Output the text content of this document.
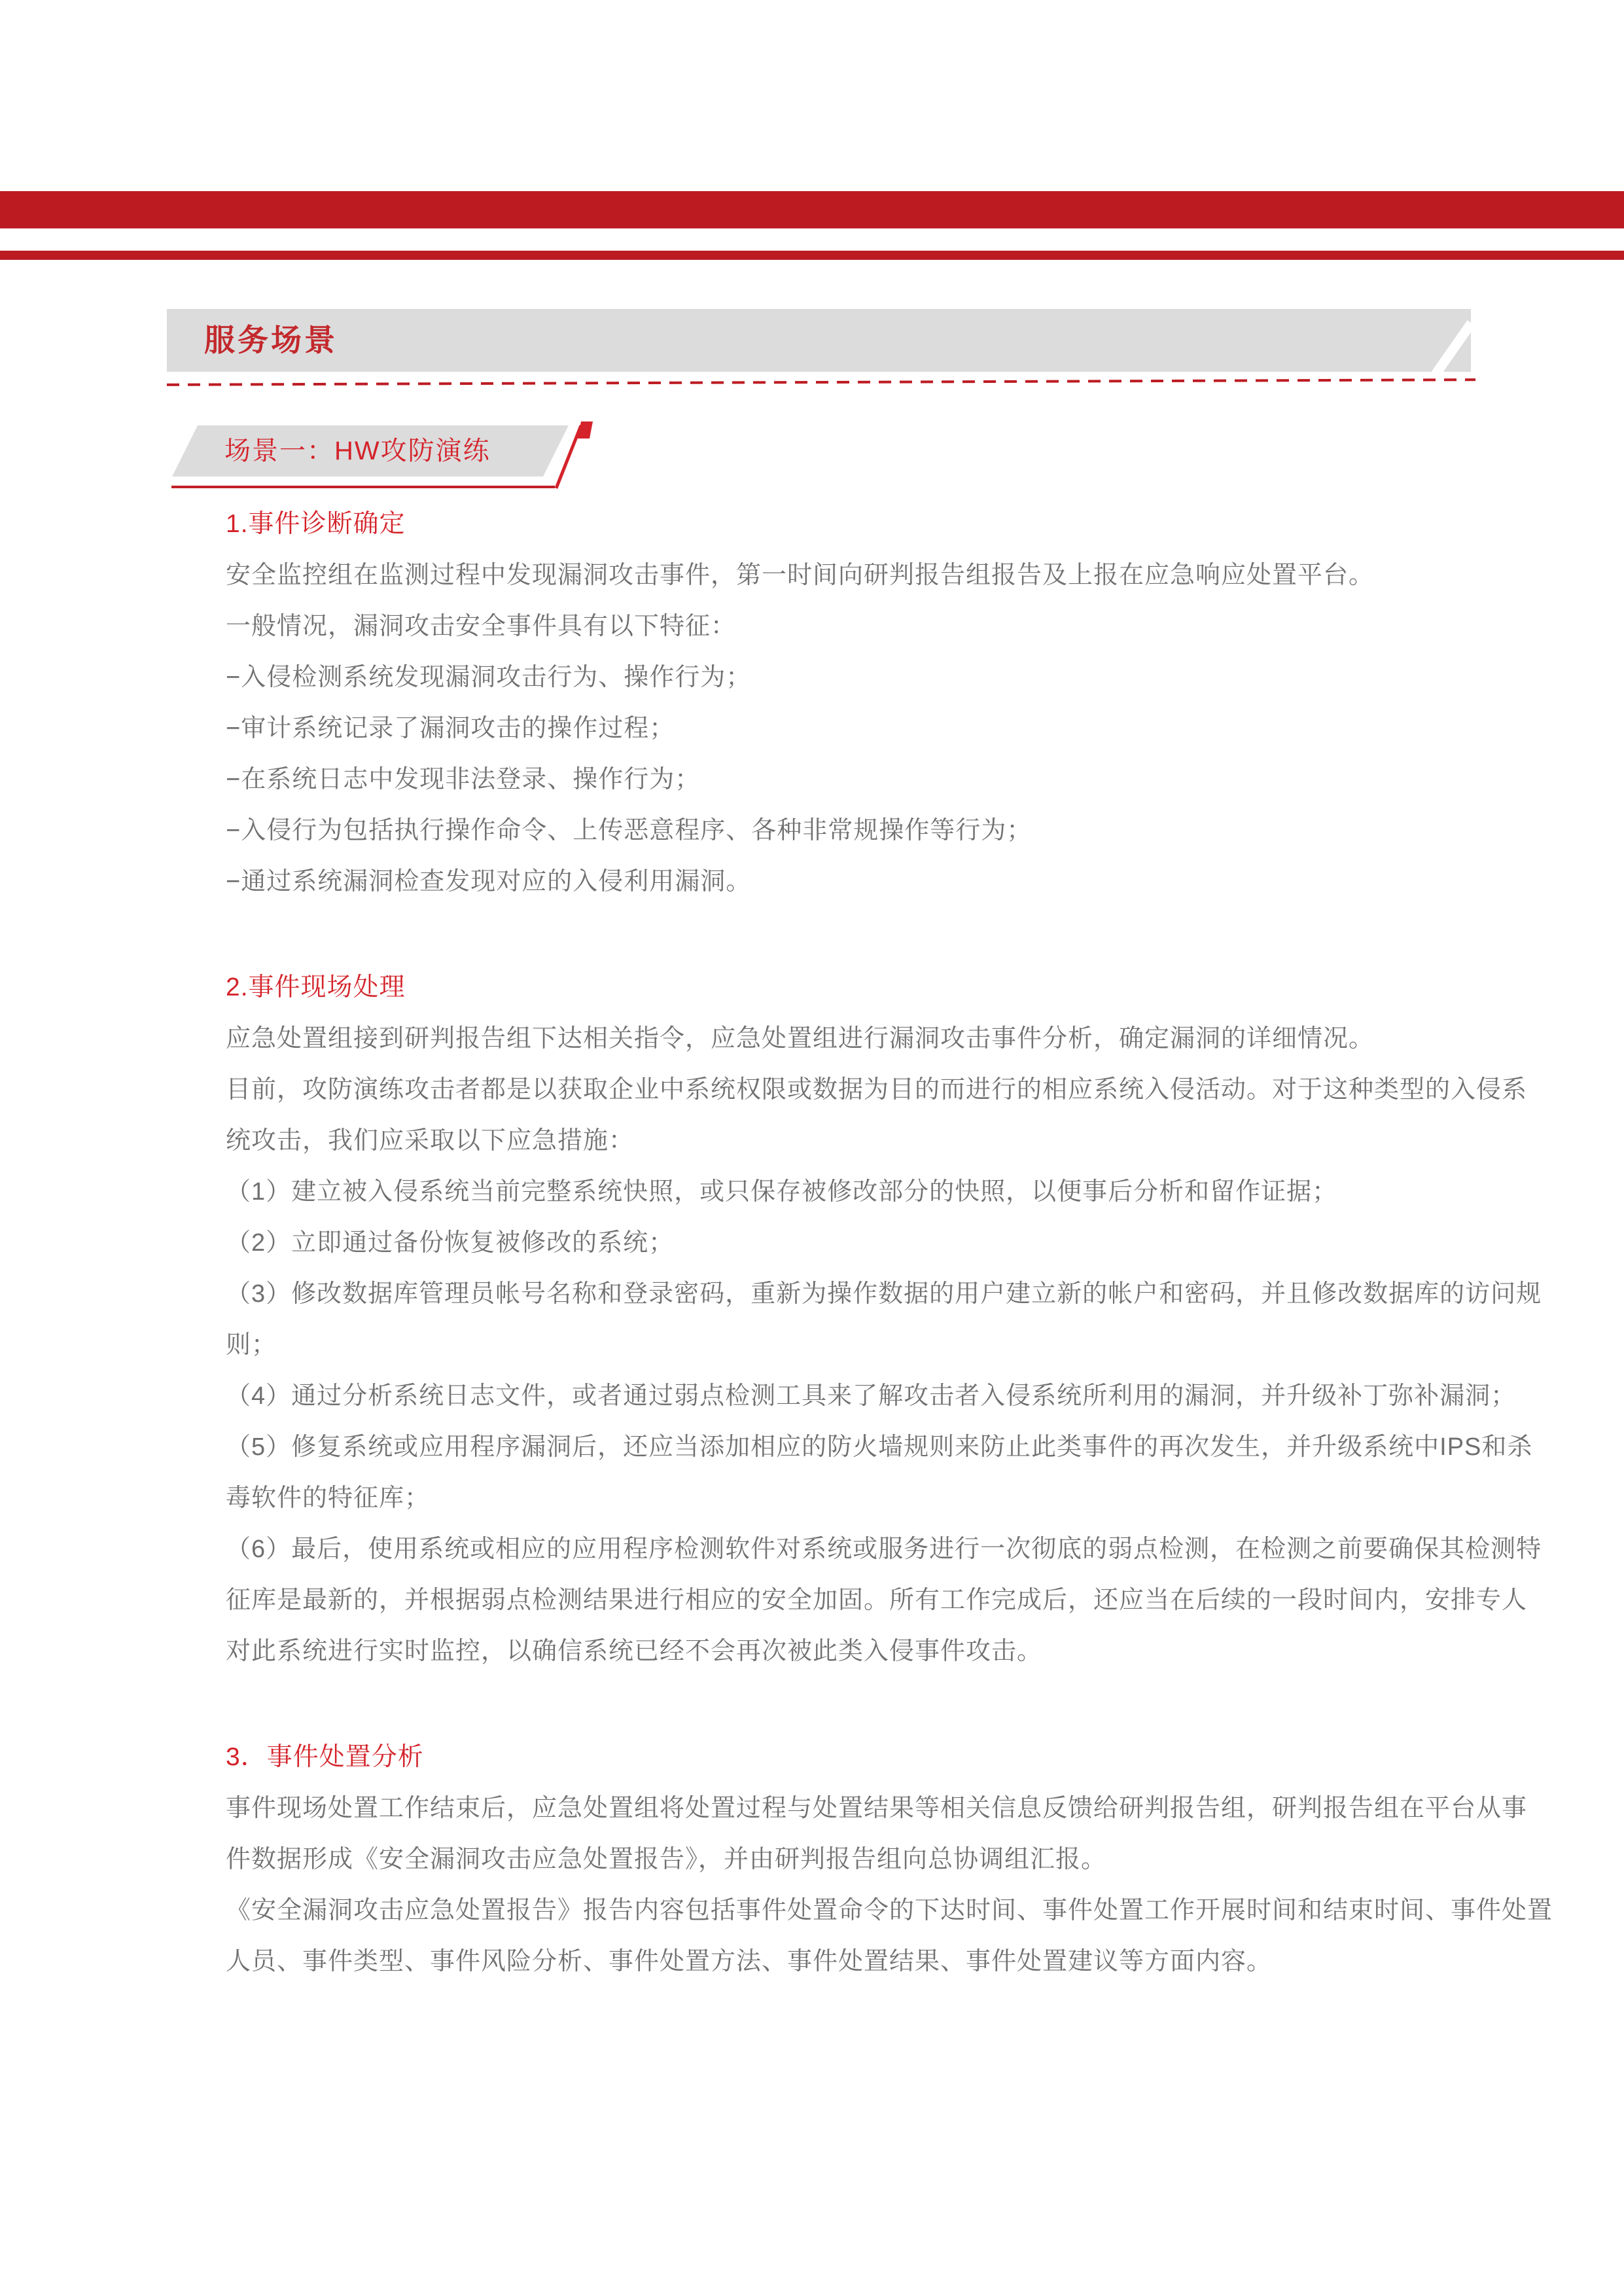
服务场景
场景一：HW攻防演练
1.事件诊断确定

安全监控组在监测过程中发现漏洞攻击事件，第一时间向研判报告组报告及上报在应急响应处置平台。

一般情况，漏洞攻击安全事件具有以下特征：

−入侵检测系统发现漏洞攻击行为、操作行为；

−审计系统记录了漏洞攻击的操作过程；

−在系统日志中发现非法登录、操作行为；

−入侵行为包括执行操作命令、上传恶意程序、各种非常规操作等行为；

−通过系统漏洞检查发现对应的入侵利用漏洞。

2.事件现场处理

应急处置组接到研判报告组下达相关指令，应急处置组进行漏洞攻击事件分析，确定漏洞的详细情况。

目前，攻防演练攻击者都是以获取企业中系统权限或数据为目的而进行的相应系统入侵活动。对于这种类型的入侵系

统攻击，我们应采取以下应急措施：

（1）建立被入侵系统当前完整系统快照，或只保存被修改部分的快照，以便事后分析和留作证据；

（2）立即通过备份恢复被修改的系统；

（3）修改数据库管理员帐号名称和登录密码，重新为操作数据的用户建立新的帐户和密码，并且修改数据库的访问规

则；

（4）通过分析系统日志文件，或者通过弱点检测工具来了解攻击者入侵系统所利用的漏洞，并升级补丁弥补漏洞；

（5）修复系统或应用程序漏洞后，还应当添加相应的防火墙规则来防止此类事件的再次发生，并升级系统中IPS和杀

毒软件的特征库；

（6）最后，使用系统或相应的应用程序检测软件对系统或服务进行一次彻底的弱点检测，在检测之前要确保其检测特

征库是最新的，并根据弱点检测结果进行相应的安全加固。所有工作完成后，还应当在后续的一段时间内，安排专人

对此系统进行实时监控，以确信系统已经不会再次被此类入侵事件攻击。

3．事件处置分析

事件现场处置工作结束后，应急处置组将处置过程与处置结果等相关信息反馈给研判报告组，研判报告组在平台从事

件数据形成《安全漏洞攻击应急处置报告》，并由研判报告组向总协调组汇报。

《安全漏洞攻击应急处置报告》报告内容包括事件处置命令的下达时间、事件处置工作开展时间和结束时间、事件处置

人员、事件类型、事件风险分析、事件处置方法、事件处置结果、事件处置建议等方面内容。
